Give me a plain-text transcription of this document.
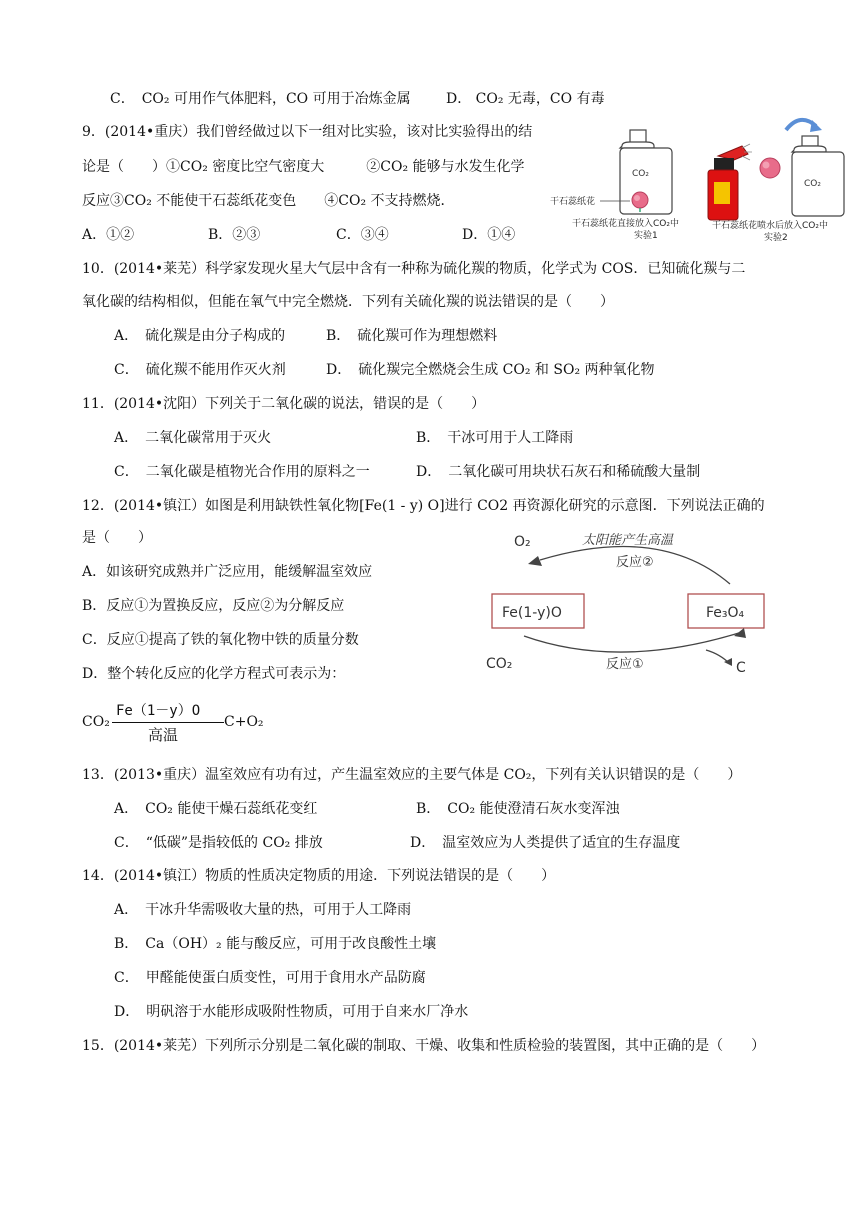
C．　CO₂ 可用作气体肥料，CO 可用于冶炼金属	D． CO₂ 无毒，CO 有毒
9．(2014•重庆）我们曾经做过以下一组对比实验，该对比实验得出的结
论是（　　）①CO₂ 密度比空气密度大　　　②CO₂ 能够与水发生化学
反应③CO₂ 不能使干石蕊纸花变色　　④CO₂ 不支持燃烧．
A．①②	B．②③	C．③④	D．①④
CO₂
干石蕊纸花
干石蕊纸花直接放入CO₂中
实验1
CO₂
干石蕊纸花喷水后放入CO₂中
实验2
10．(2014•莱芜）科学家发现火星大气层中含有一种称为硫化羰的物质，化学式为 COS．已知硫化羰与二
氧化碳的结构相似，但能在氧气中完全燃烧．下列有关硫化羰的说法错误的是（　　）
A．　硫化羰是由分子构成的	B．　硫化羰可作为理想燃料
C．　硫化羰不能用作灭火剂	D．　硫化羰完全燃烧会生成 CO₂ 和 SO₂ 两种氧化物
11．(2014•沈阳）下列关于二氧化碳的说法，错误的是（　　）
A．　二氧化碳常用于灭火	B．　干冰可用于人工降雨
C．　二氧化碳是植物光合作用的原料之一	D．　二氧化碳可用块状石灰石和稀硫酸大量制
12．(2014•镇江）如图是利用缺铁性氧化物[Fe(1 - y) O]进行 CO2 再资源化研究的示意图．下列说法正确的
是（　　）
A．如该研究成熟并广泛应用，能缓解温室效应
B．反应①为置换反应，反应②为分解反应
C．反应①提高了铁的氧化物中铁的质量分数
D．整个转化反应的化学方程式可表示为：
CO₂
Fe（1－y）O
高温
C+O₂
O₂	太阳能产生高温
反应②
Fe(1-y)O	Fe₃O₄
CO₂	反应①	C
13．(2013•重庆）温室效应有功有过，产生温室效应的主要气体是 CO₂，下列有关认识错误的是（　　）
A．　CO₂ 能使干燥石蕊纸花变红	B．　CO₂ 能使澄清石灰水变浑浊
C．　“低碳”是指较低的 CO₂ 排放	D．　温室效应为人类提供了适宜的生存温度
14．(2014•镇江）物质的性质决定物质的用途．下列说法错误的是（　　）
A．　干冰升华需吸收大量的热，可用于人工降雨
B．　Ca（OH）₂ 能与酸反应，可用于改良酸性土壤
C．　甲醛能使蛋白质变性，可用于食用水产品防腐
D．　明矾溶于水能形成吸附性物质，可用于自来水厂净水
15．(2014•莱芜）下列所示分别是二氧化碳的制取、干燥、收集和性质检验的装置图，其中正确的是（　　）
